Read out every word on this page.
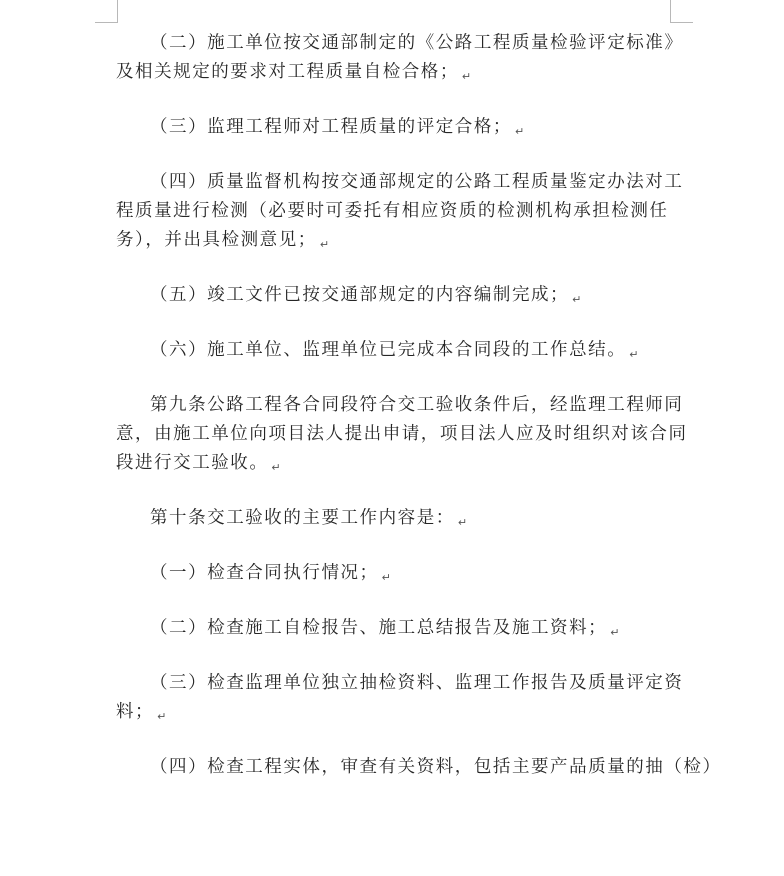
（二）施工单位按交通部制定的《公路工程质量检验评定标准》
及相关规定的要求对工程质量自检合格； ↵
（三）监理工程师对工程质量的评定合格； ↵
（四）质量监督机构按交通部规定的公路工程质量鉴定办法对工
程质量进行检测（必要时可委托有相应资质的检测机构承担检测任
务），并出具检测意见； ↵
（五）竣工文件已按交通部规定的内容编制完成； ↵
（六）施工单位、监理单位已完成本合同段的工作总结。 ↵
第九条公路工程各合同段符合交工验收条件后，经监理工程师同
意，由施工单位向项目法人提出申请，项目法人应及时组织对该合同
段进行交工验收。 ↵
第十条交工验收的主要工作内容是： ↵
（一）检查合同执行情况； ↵
（二）检查施工自检报告、施工总结报告及施工资料； ↵
（三）检查监理单位独立抽检资料、监理工作报告及质量评定资
料； ↵
（四）检查工程实体，审查有关资料，包括主要产品质量的抽（检）
